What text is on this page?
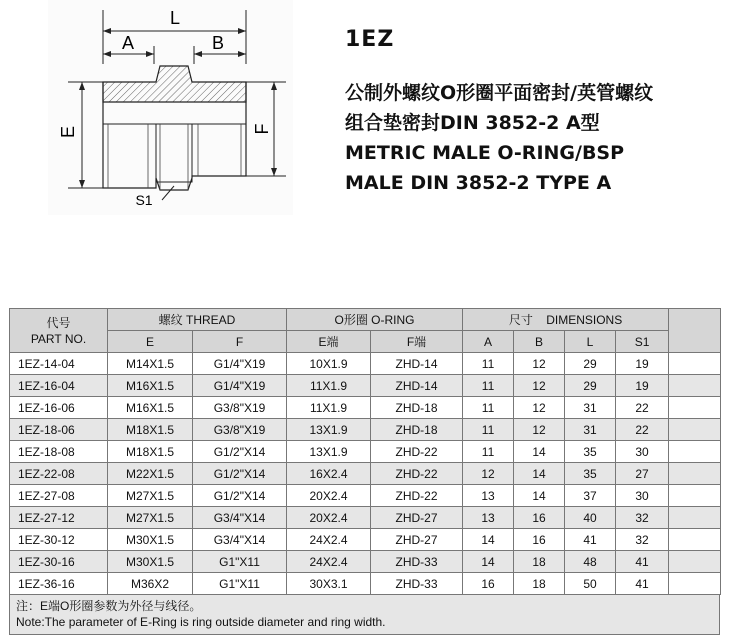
L
A	B
E	F
S1
1EZ
公制外螺纹O形圈平面密封/英管螺纹
组合垫密封DIN 3852-2 A型
METRIC MALE O-RING/BSP
MALE DIN 3852-2 TYPE A
代号
PART NO.	螺纹 THREAD		O形圈 O-RING		尺寸    DIMENSIONS				
	E	F	E端	F端	A	B	L	S1	
1EZ-14-04	M14X1.5	G1/4"X19	10X1.9	ZHD-14	11	12	29	19	
1EZ-16-04	M16X1.5	G1/4"X19	11X1.9	ZHD-14	11	12	29	19	
1EZ-16-06	M16X1.5	G3/8"X19	11X1.9	ZHD-18	11	12	31	22	
1EZ-18-06	M18X1.5	G3/8"X19	13X1.9	ZHD-18	11	12	31	22	
1EZ-18-08	M18X1.5	G1/2"X14	13X1.9	ZHD-22	11	14	35	30	
1EZ-22-08	M22X1.5	G1/2"X14	16X2.4	ZHD-22	12	14	35	27	
1EZ-27-08	M27X1.5	G1/2"X14	20X2.4	ZHD-22	13	14	37	30	
1EZ-27-12	M27X1.5	G3/4"X14	20X2.4	ZHD-27	13	16	40	32	
1EZ-30-12	M30X1.5	G3/4"X14	24X2.4	ZHD-27	14	16	41	32	
1EZ-30-16	M30X1.5	G1"X11	24X2.4	ZHD-33	14	18	48	41	
1EZ-36-16	M36X2	G1"X11	30X3.1	ZHD-33	16	18	50	41	
注：E端O形圈参数为外径与线径。
Note:The parameter of E-Ring is ring outside diameter and ring width.
